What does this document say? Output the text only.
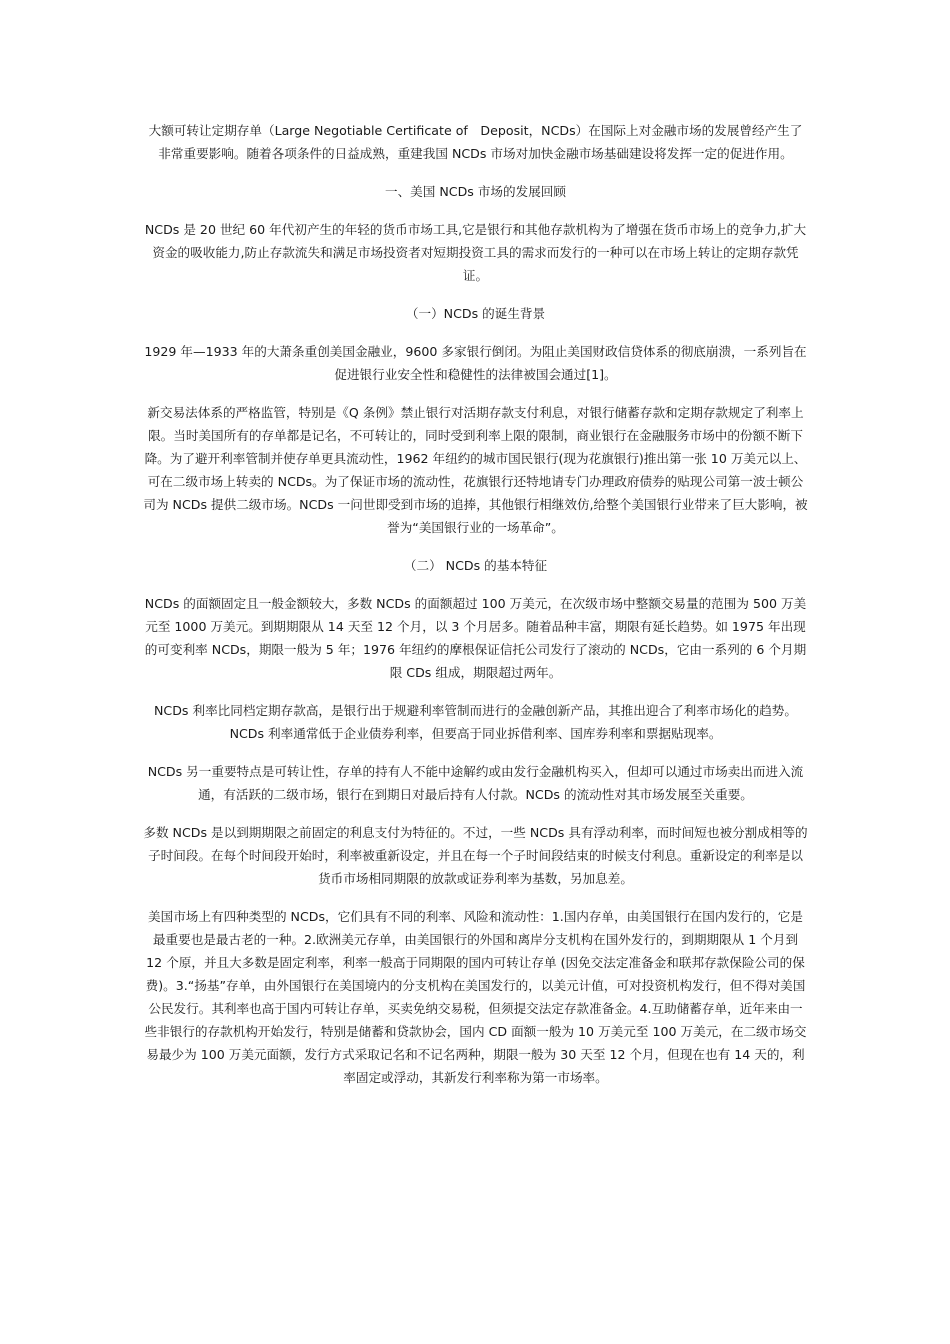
大额可转让定期存单（Large Negotiable Certificate of　Deposit，NCDs）在国际上对金融市场的发展曾经产生了非常重要影响。随着各项条件的日益成熟，重建我国 NCDs 市场对加快金融市场基础建设将发挥一定的促进作用。

一、美国 NCDs 市场的发展回顾

NCDs 是 20 世纪 60 年代初产生的年轻的货币市场工具,它是银行和其他存款机构为了增强在货币市场上的竞争力,扩大资金的吸收能力,防止存款流失和满足市场投资者对短期投资工具的需求而发行的一种可以在市场上转让的定期存款凭证。

（一）NCDs 的诞生背景

1929 年—1933 年的大萧条重创美国金融业，9600 多家银行倒闭。为阻止美国财政信贷体系的彻底崩溃，一系列旨在促进银行业安全性和稳健性的法律被国会通过[1]。

新交易法体系的严格监管，特别是《Q 条例》禁止银行对活期存款支付利息，对银行储蓄存款和定期存款规定了利率上限。当时美国所有的存单都是记名，不可转让的，同时受到利率上限的限制，商业银行在金融服务市场中的份额不断下降。为了避开利率管制并使存单更具流动性，1962 年纽约的城市国民银行(现为花旗银行)推出第一张 10 万美元以上、可在二级市场上转卖的 NCDs。为了保证市场的流动性，花旗银行还特地请专门办理政府债券的贴现公司第一波士顿公司为 NCDs 提供二级市场。NCDs 一问世即受到市场的追捧，其他银行相继效仿,给整个美国银行业带来了巨大影响，被誉为“美国银行业的一场革命”。

（二） NCDs 的基本特征

NCDs 的面额固定且一般金额较大，多数 NCDs 的面额超过 100 万美元，在次级市场中整额交易量的范围为 500 万美元至 1000 万美元。到期期限从 14 天至 12 个月，以 3 个月居多。随着品种丰富，期限有延长趋势。如 1975 年出现的可变利率 NCDs，期限一般为 5 年；1976 年纽约的摩根保证信托公司发行了滚动的 NCDs，它由一系列的 6 个月期限 CDs 组成，期限超过两年。

NCDs 利率比同档定期存款高，是银行出于规避利率管制而进行的金融创新产品，其推出迎合了利率市场化的趋势。NCDs 利率通常低于企业债券利率，但要高于同业拆借利率、国库券利率和票据贴现率。

NCDs 另一重要特点是可转让性，存单的持有人不能中途解约或由发行金融机构买入，但却可以通过市场卖出而进入流通，有活跃的二级市场，银行在到期日对最后持有人付款。NCDs 的流动性对其市场发展至关重要。

多数 NCDs 是以到期期限之前固定的利息支付为特征的。不过，一些 NCDs 具有浮动利率，而时间短也被分割成相等的子时间段。在每个时间段开始时，利率被重新设定，并且在每一个子时间段结束的时候支付利息。重新设定的利率是以货币市场相同期限的放款或证券利率为基数，另加息差。

美国市场上有四种类型的 NCDs，它们具有不同的利率、风险和流动性：1.国内存单，由美国银行在国内发行的，它是最重要也是最古老的一种。2.欧洲美元存单，由美国银行的外国和离岸分支机构在国外发行的，到期期限从 1 个月到 12 个原，并且大多数是固定利率，利率一般高于同期限的国内可转让存单 (因免交法定准备金和联邦存款保险公司的保费)。3.“扬基”存单，由外国银行在美国境内的分支机构在美国发行的，以美元计值，可对投资机构发行，但不得对美国公民发行。其利率也高于国内可转让存单，买卖免纳交易税，但须提交法定存款准备金。4.互助储蓄存单，近年来由一些非银行的存款机构开始发行，特别是储蓄和贷款协会，国内 CD 面额一般为 10 万美元至 100 万美元，在二级市场交易最少为 100 万美元面额，发行方式采取记名和不记名两种，期限一般为 30 天至 12 个月，但现在也有 14 天的，利率固定或浮动，其新发行利率称为第一市场率。
